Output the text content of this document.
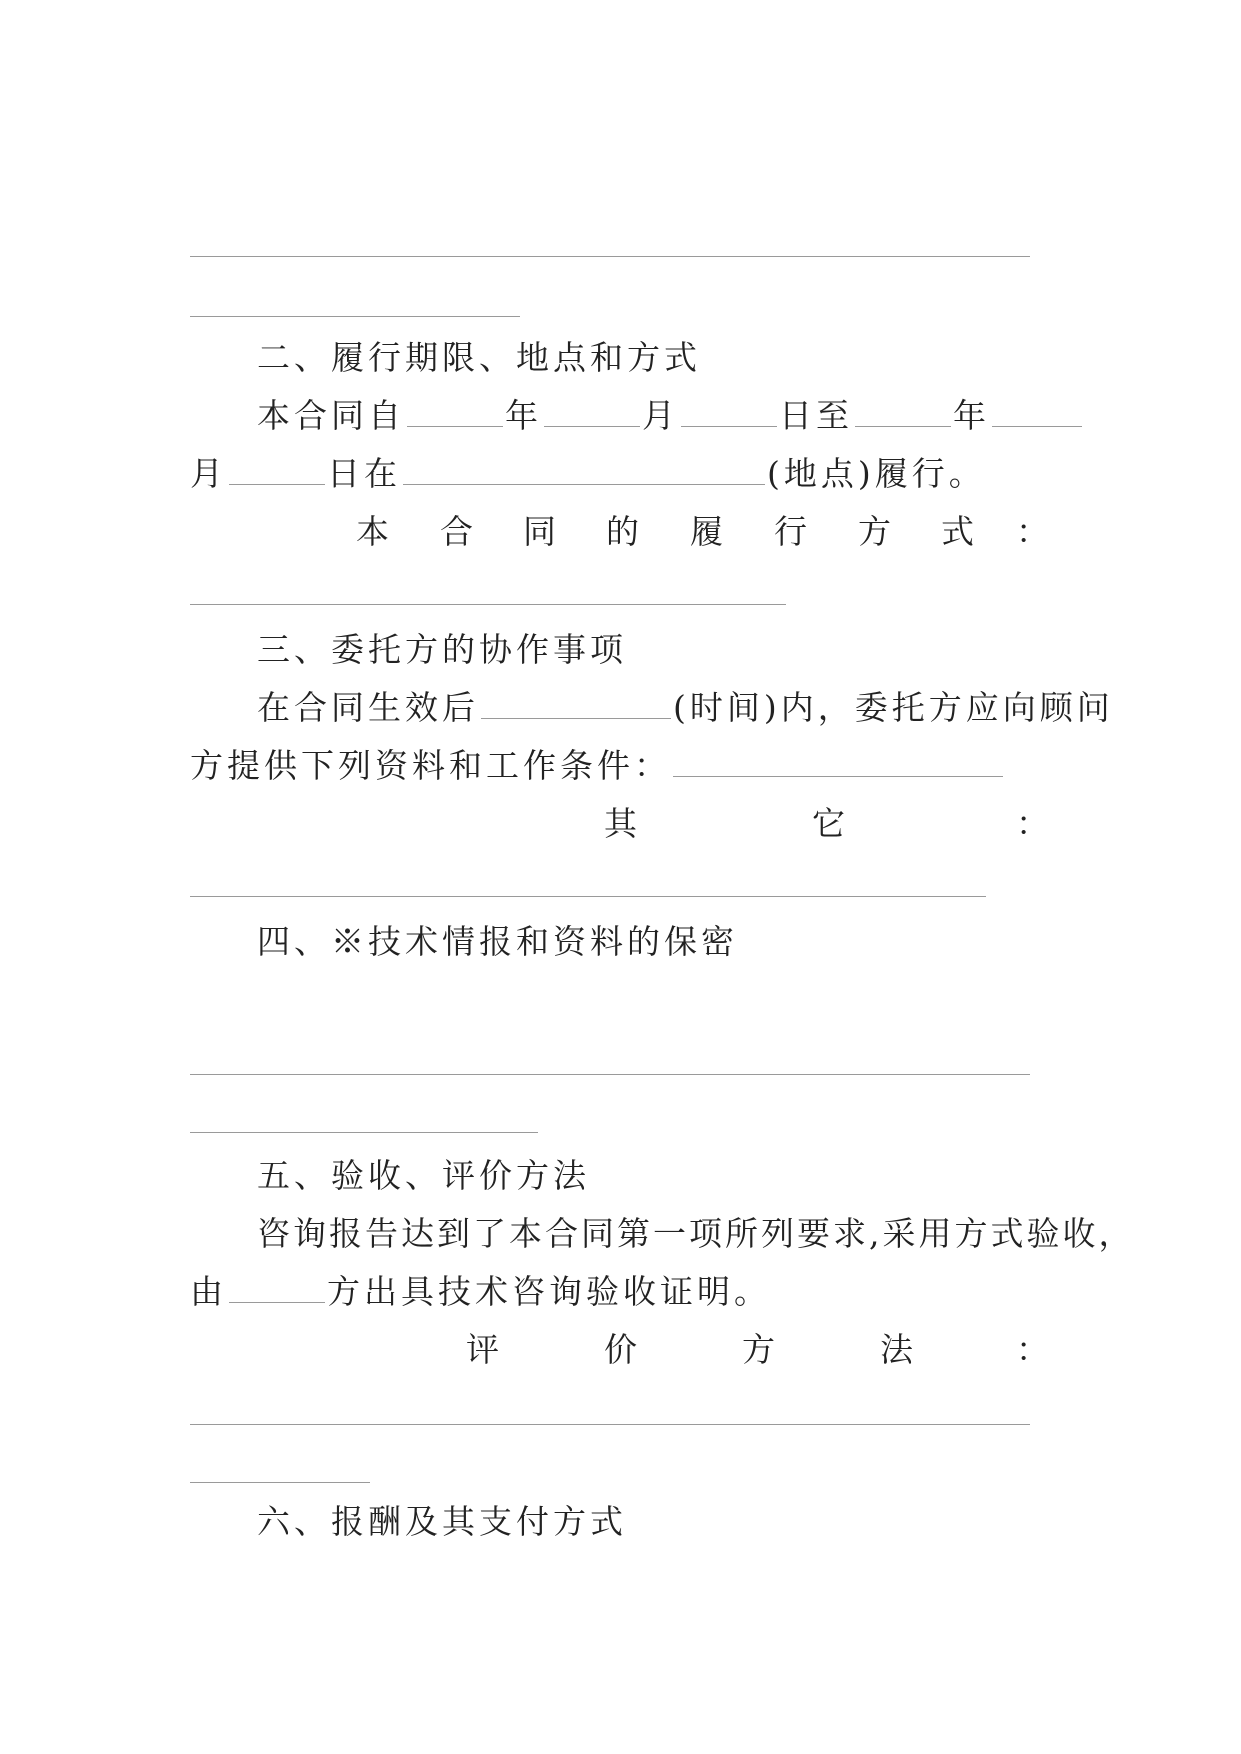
二、履行期限、地点和方式
本合同自	年	月	日至	年
月	日在	(地点)履行。
本 合 同 的 履 行 方 式 ：
三、委托方的协作事项
在合同生效后	(时间)内，委托方应向顾问
方提供下列资料和工作条件：
其	它	：
四、※技术情报和资料的保密
五、验收、评价方法
咨询报告达到了本合同第一项所列要求,采用方式验收，
由	方出具技术咨询验收证明。
评	价	方	法	：
六、报酬及其支付方式
